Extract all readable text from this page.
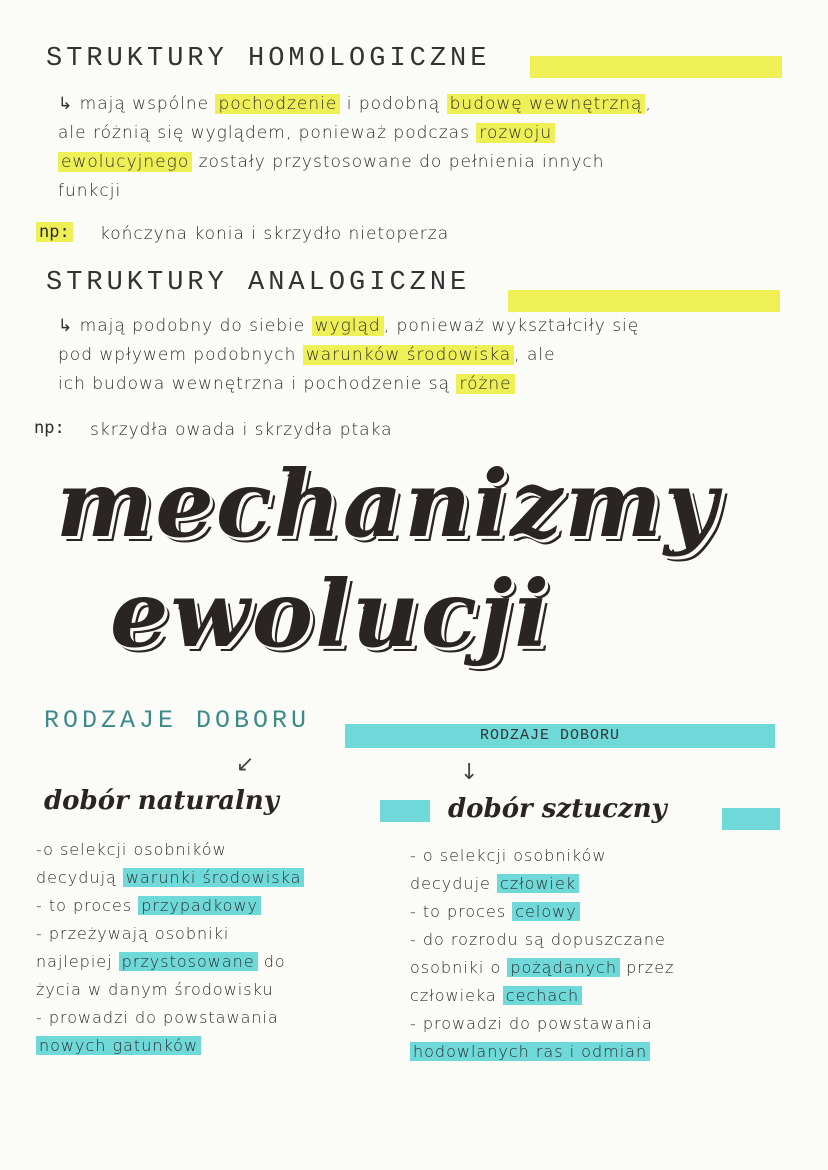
STRUKTURY HOMOLOGICZNE
↳ mają wspólne pochodzenie i podobną budowę wewnętrzną ,
ale różnią się wyglądem, ponieważ podczas rozwoju
ewolucyjnego zostały przystosowane do pełnienia innych
funkcji
np: kończyna konia i skrzydło nietoperza
STRUKTURY ANALOGICZNE
↳ mają podobny do siebie wygląd , ponieważ wykształciły się
pod wpływem podobnych warunków środowiska , ale
ich budowa wewnętrzna i pochodzenie są różne
np: skrzydła owada i skrzydła ptaka
mechanizmy
ewolucji
RODZAJE DOBORU
RODZAJE DOBORU
↙	↓
dobór naturalny	dobór sztuczny
-o selekcji osobników
decydują warunki środowiska
- to proces przypadkowy
- przeżywają osobniki
najlepiej przystosowane do
życia w danym środowisku
- prowadzi do powstawania
nowych gatunków
- o selekcji osobników
decyduje człowiek
- to proces celowy
- do rozrodu są dopuszczane
osobniki o pożądanych przez
człowieka cechach
- prowadzi do powstawania
hodowlanych ras i odmian
